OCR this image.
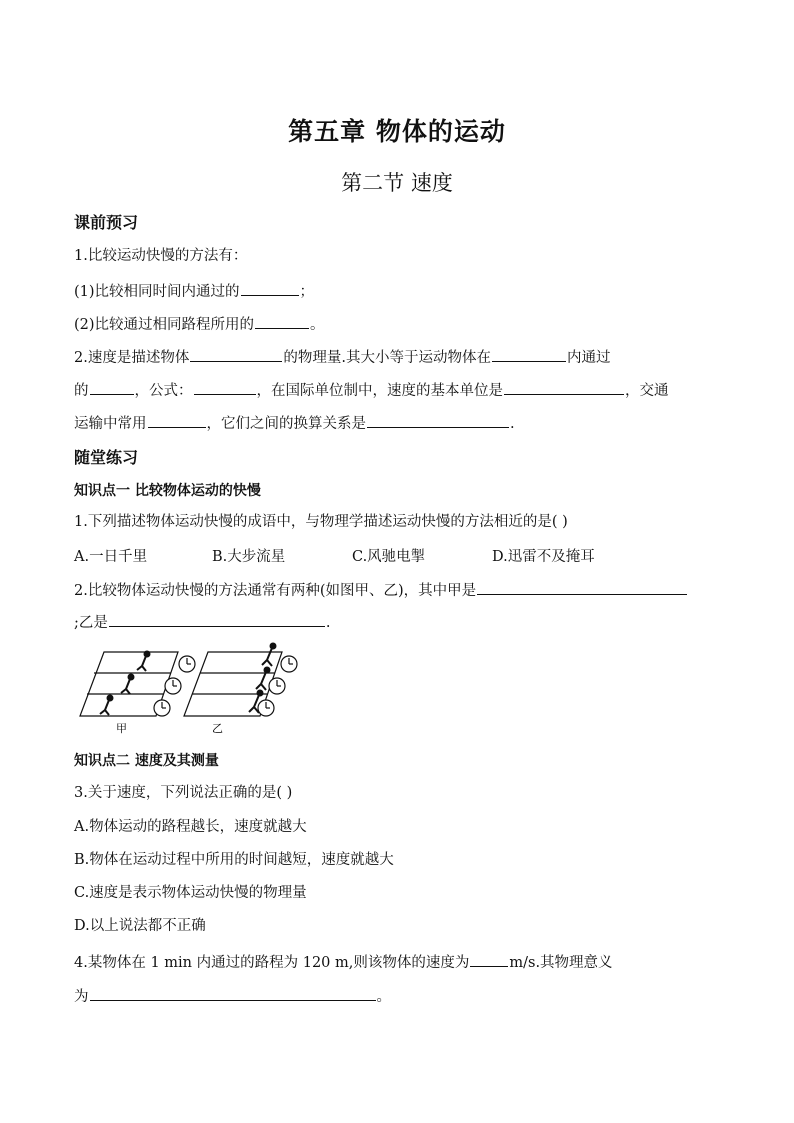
第五章 物体的运动
第二节 速度
课前预习
1.比较运动快慢的方法有：
(1)比较相同时间内通过的	；
(2)比较通过相同路程所用的	。
2.速度是描述物体	的物理量.其大小等于运动物体在	内通过
的	，公式：	，在国际单位制中，速度的基本单位是	，交通
运输中常用	，它们之间的换算关系是	.
随堂练习
知识点一 比较物体运动的快慢
1.下列描述物体运动快慢的成语中，与物理学描述运动快慢的方法相近的是( )
A.一日千里	B.大步流星	C.风驰电掣	D.迅雷不及掩耳
2.比较物体运动快慢的方法通常有两种(如图甲、乙)，其中甲是
;乙是	.
甲	乙
知识点二 速度及其测量
3.关于速度，下列说法正确的是( )
A.物体运动的路程越长，速度就越大
B.物体在运动过程中所用的时间越短，速度就越大
C.速度是表示物体运动快慢的物理量
D.以上说法都不正确
4.某物体在 1 min 内通过的路程为 120 m,则该物体的速度为	m/s.其物理意义
为	。
